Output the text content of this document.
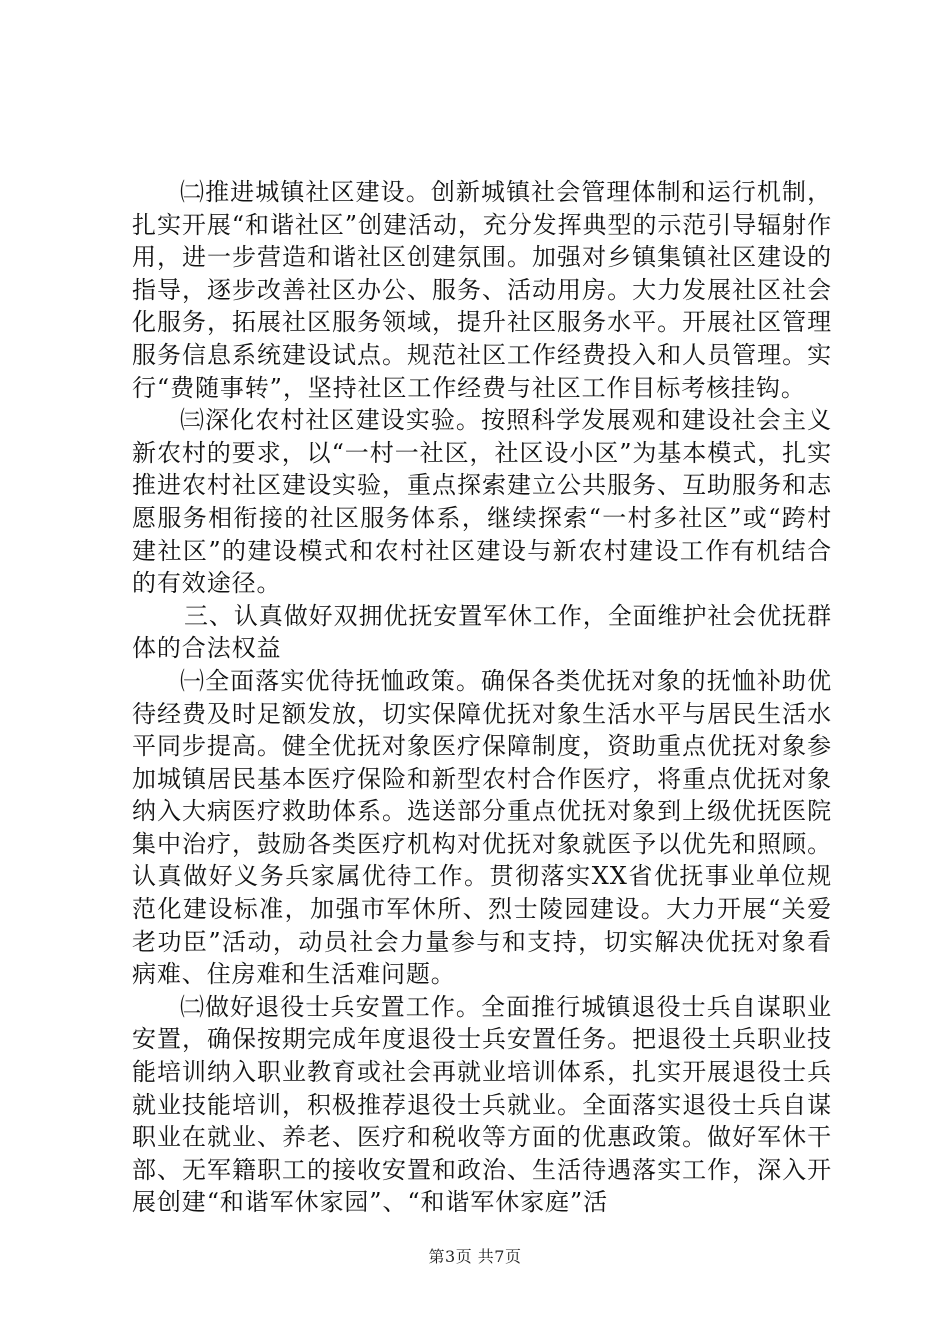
㈡推进城镇社区建设。创新城镇社会管理体制和运行机制，扎实开展“和谐社区”创建活动，充分发挥典型的示范引导辐射作用，进一步营造和谐社区创建氛围。加强对乡镇集镇社区建设的指导，逐步改善社区办公、服务、活动用房。大力发展社区社会化服务，拓展社区服务领域，提升社区服务水平。开展社区管理服务信息系统建设试点。规范社区工作经费投入和人员管理。实行“费随事转”，坚持社区工作经费与社区工作目标考核挂钩。

㈢深化农村社区建设实验。按照科学发展观和建设社会主义新农村的要求，以“一村一社区，社区设小区”为基本模式，扎实推进农村社区建设实验，重点探索建立公共服务、互助服务和志愿服务相衔接的社区服务体系，继续探索“一村多社区”或“跨村建社区”的建设模式和农村社区建设与新农村建设工作有机结合的有效途径。

三、认真做好双拥优抚安置军休工作，全面维护社会优抚群体的合法权益

㈠全面落实优待抚恤政策。确保各类优抚对象的抚恤补助优待经费及时足额发放，切实保障优抚对象生活水平与居民生活水平同步提高。健全优抚对象医疗保障制度，资助重点优抚对象参加城镇居民基本医疗保险和新型农村合作医疗，将重点优抚对象纳入大病医疗救助体系。选送部分重点优抚对象到上级优抚医院集中治疗，鼓励各类医疗机构对优抚对象就医予以优先和照顾。认真做好义务兵家属优待工作。贯彻落实XX省优抚事业单位规范化建设标准，加强市军休所、烈士陵园建设。大力开展“关爱老功臣”活动，动员社会力量参与和支持，切实解决优抚对象看病难、住房难和生活难问题。

㈡做好退役士兵安置工作。全面推行城镇退役士兵自谋职业安置，确保按期完成年度退役士兵安置任务。把退役土兵职业技能培训纳入职业教育或社会再就业培训体系，扎实开展退役士兵就业技能培训，积极推荐退役士兵就业。全面落实退役士兵自谋职业在就业、养老、医疗和税收等方面的优惠政策。做好军休干部、无军籍职工的接收安置和政治、生活待遇落实工作，深入开展创建“和谐军休家园”、“和谐军休家庭”活

第3页 共7页
